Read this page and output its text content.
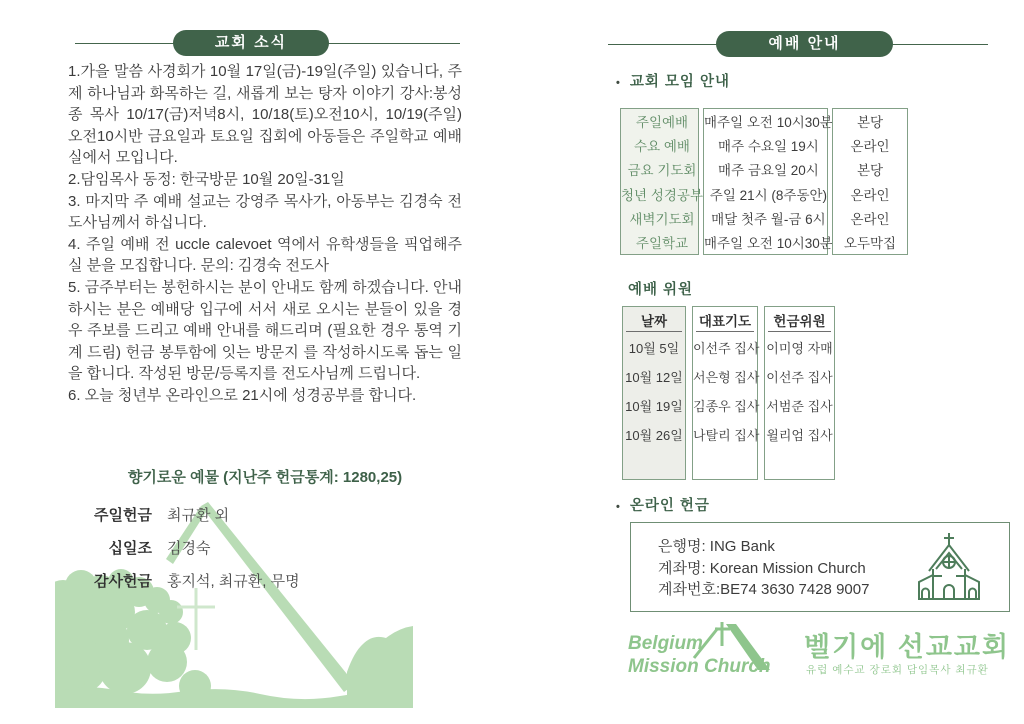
교회 소식

1.가을 말씀 사경회가 10월 17일(금)-19일(주일) 있습니다, 주제 하나님과 화목하는 길, 새롭게 보는 탕자 이야기 강사:봉성종 목사 10/17(금)저녁8시, 10/18(토)오전10시, 10/19(주일)오전10시반 금요일과 토요일 집회에 아동들은 주일학교 예배실에서 모입니다.

2.담임목사 동정: 한국방문 10월 20일-31일

3. 마지막 주 예배 설교는 강영주 목사가, 아동부는 김경숙 전도사님께서 하십니다.

4. 주일 예배 전 uccle calevoet 역에서 유학생들을 픽업해주실 분을 모집합니다. 문의: 김경숙 전도사

5. 금주부터는 봉헌하시는 분이 안내도 함께 하겠습니다. 안내하시는 분은 예배당 입구에 서서 새로 오시는 분들이 있을 경우 주보를 드리고 예배 안내를 해드리며 (필요한 경우 통역 기계 드림) 헌금 봉투함에 잇는 방문지 를 작성하시도록 돕는 일을 합니다. 작성된 방문/등록지를 전도사님께 드립니다.

6. 오늘 청년부 온라인으로 21시에 성경공부를 합니다.

향기로운 예물 (지난주 헌금통계: 1280,25)
주일헌금 최규환 외
십일조 김경숙
감사헌금 홍지석, 최규환, 무명
예배 안내
• 교회 모임 안내
주일예배
수요 예배
금요 기도회
청년 성경공부
새벽기도회
주일학교
매주일 오전 10시30분
매주 수요일 19시
매주 금요일 20시
주일 21시 (8주동안)
매달 첫주 월-금 6시
매주일 오전 10시30분
본당
온라인
본당
온라인
온라인
오두막집
예배 위원
날짜
10월 5일
10월 12일
10월 19일
10월 26일
대표기도
이선주 집사
서은형 집사
김종우 집사
나탈리 집사
헌금위원
이미영 자매
이선주 집사
서범준 집사
윌리엄 집사
• 온라인 헌금
은행명: ING Bank
계좌명: Korean Mission Church
계좌번호:BE74 3630 7428 9007
Belgium
Mission Church
벨기에 선교교회
유럽 예수교 장로회 담임목사 최규환
